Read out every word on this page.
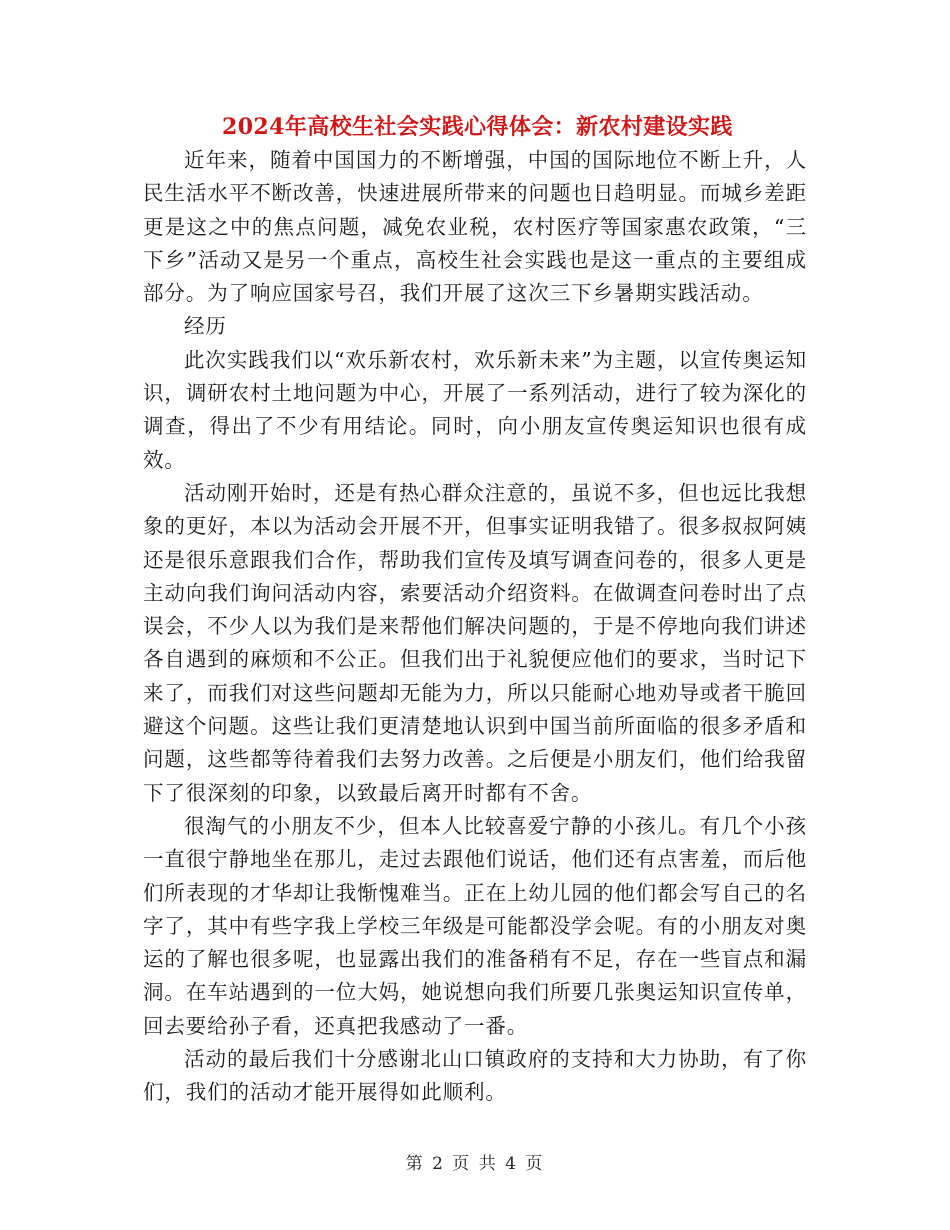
2024年高校生社会实践心得体会：新农村建设实践

近年来，随着中国国力的不断增强，中国的国际地位不断上升，人民生活水平不断改善，快速进展所带来的问题也日趋明显。而城乡差距更是这之中的焦点问题，减免农业税，农村医疗等国家惠农政策，“三下乡”活动又是另一个重点，高校生社会实践也是这一重点的主要组成部分。为了响应国家号召，我们开展了这次三下乡暑期实践活动。

经历

此次实践我们以“欢乐新农村，欢乐新未来”为主题，以宣传奥运知识，调研农村土地问题为中心，开展了一系列活动，进行了较为深化的调查，得出了不少有用结论。同时，向小朋友宣传奥运知识也很有成效。

活动刚开始时，还是有热心群众注意的，虽说不多，但也远比我想象的更好，本以为活动会开展不开，但事实证明我错了。很多叔叔阿姨还是很乐意跟我们合作，帮助我们宣传及填写调查问卷的，很多人更是主动向我们询问活动内容，索要活动介绍资料。在做调查问卷时出了点误会，不少人以为我们是来帮他们解决问题的，于是不停地向我们讲述各自遇到的麻烦和不公正。但我们出于礼貌便应他们的要求，当时记下来了，而我们对这些问题却无能为力，所以只能耐心地劝导或者干脆回避这个问题。这些让我们更清楚地认识到中国当前所面临的很多矛盾和问题，这些都等待着我们去努力改善。之后便是小朋友们，他们给我留下了很深刻的印象，以致最后离开时都有不舍。

很淘气的小朋友不少，但本人比较喜爱宁静的小孩儿。有几个小孩一直很宁静地坐在那儿，走过去跟他们说话，他们还有点害羞，而后他们所表现的才华却让我惭愧难当。正在上幼儿园的他们都会写自己的名字了，其中有些字我上学校三年级是可能都没学会呢。有的小朋友对奥运的了解也很多呢，也显露出我们的准备稍有不足，存在一些盲点和漏洞。在车站遇到的一位大妈，她说想向我们所要几张奥运知识宣传单，回去要给孙子看，还真把我感动了一番。

活动的最后我们十分感谢北山口镇政府的支持和大力协助，有了你们，我们的活动才能开展得如此顺利。

第 2 页 共 4 页
